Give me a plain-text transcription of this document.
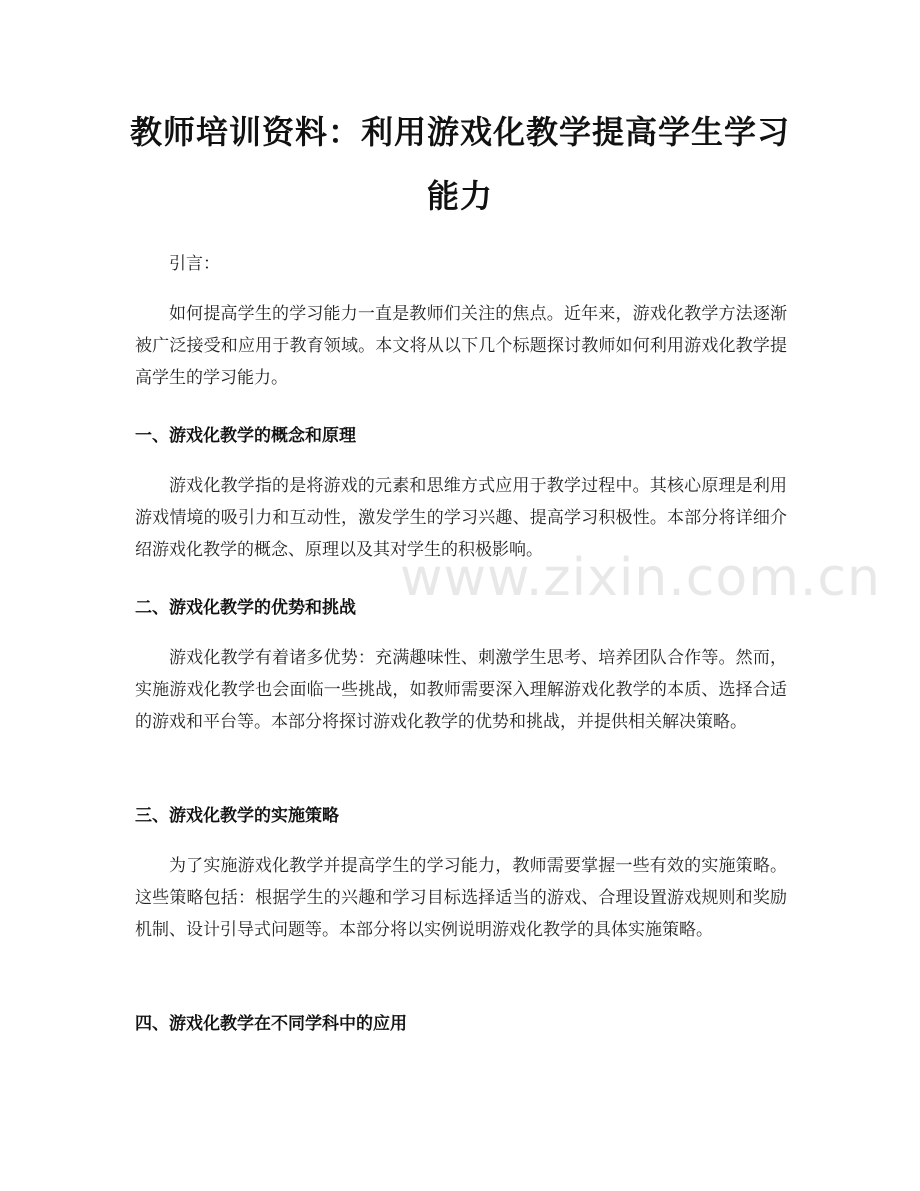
教师培训资料：利用游戏化教学提高学生学习能力
引言：
如何提高学生的学习能力一直是教师们关注的焦点。近年来，游戏化教学方法逐渐被广泛接受和应用于教育领域。本文将从以下几个标题探讨教师如何利用游戏化教学提高学生的学习能力。
一、游戏化教学的概念和原理
游戏化教学指的是将游戏的元素和思维方式应用于教学过程中。其核心原理是利用游戏情境的吸引力和互动性，激发学生的学习兴趣、提高学习积极性。本部分将详细介绍游戏化教学的概念、原理以及其对学生的积极影响。
二、游戏化教学的优势和挑战
游戏化教学有着诸多优势：充满趣味性、刺激学生思考、培养团队合作等。然而，实施游戏化教学也会面临一些挑战，如教师需要深入理解游戏化教学的本质、选择合适的游戏和平台等。本部分将探讨游戏化教学的优势和挑战，并提供相关解决策略。
三、游戏化教学的实施策略
为了实施游戏化教学并提高学生的学习能力，教师需要掌握一些有效的实施策略。这些策略包括：根据学生的兴趣和学习目标选择适当的游戏、合理设置游戏规则和奖励机制、设计引导式问题等。本部分将以实例说明游戏化教学的具体实施策略。
四、游戏化教学在不同学科中的应用
www.zixin.com.cn
